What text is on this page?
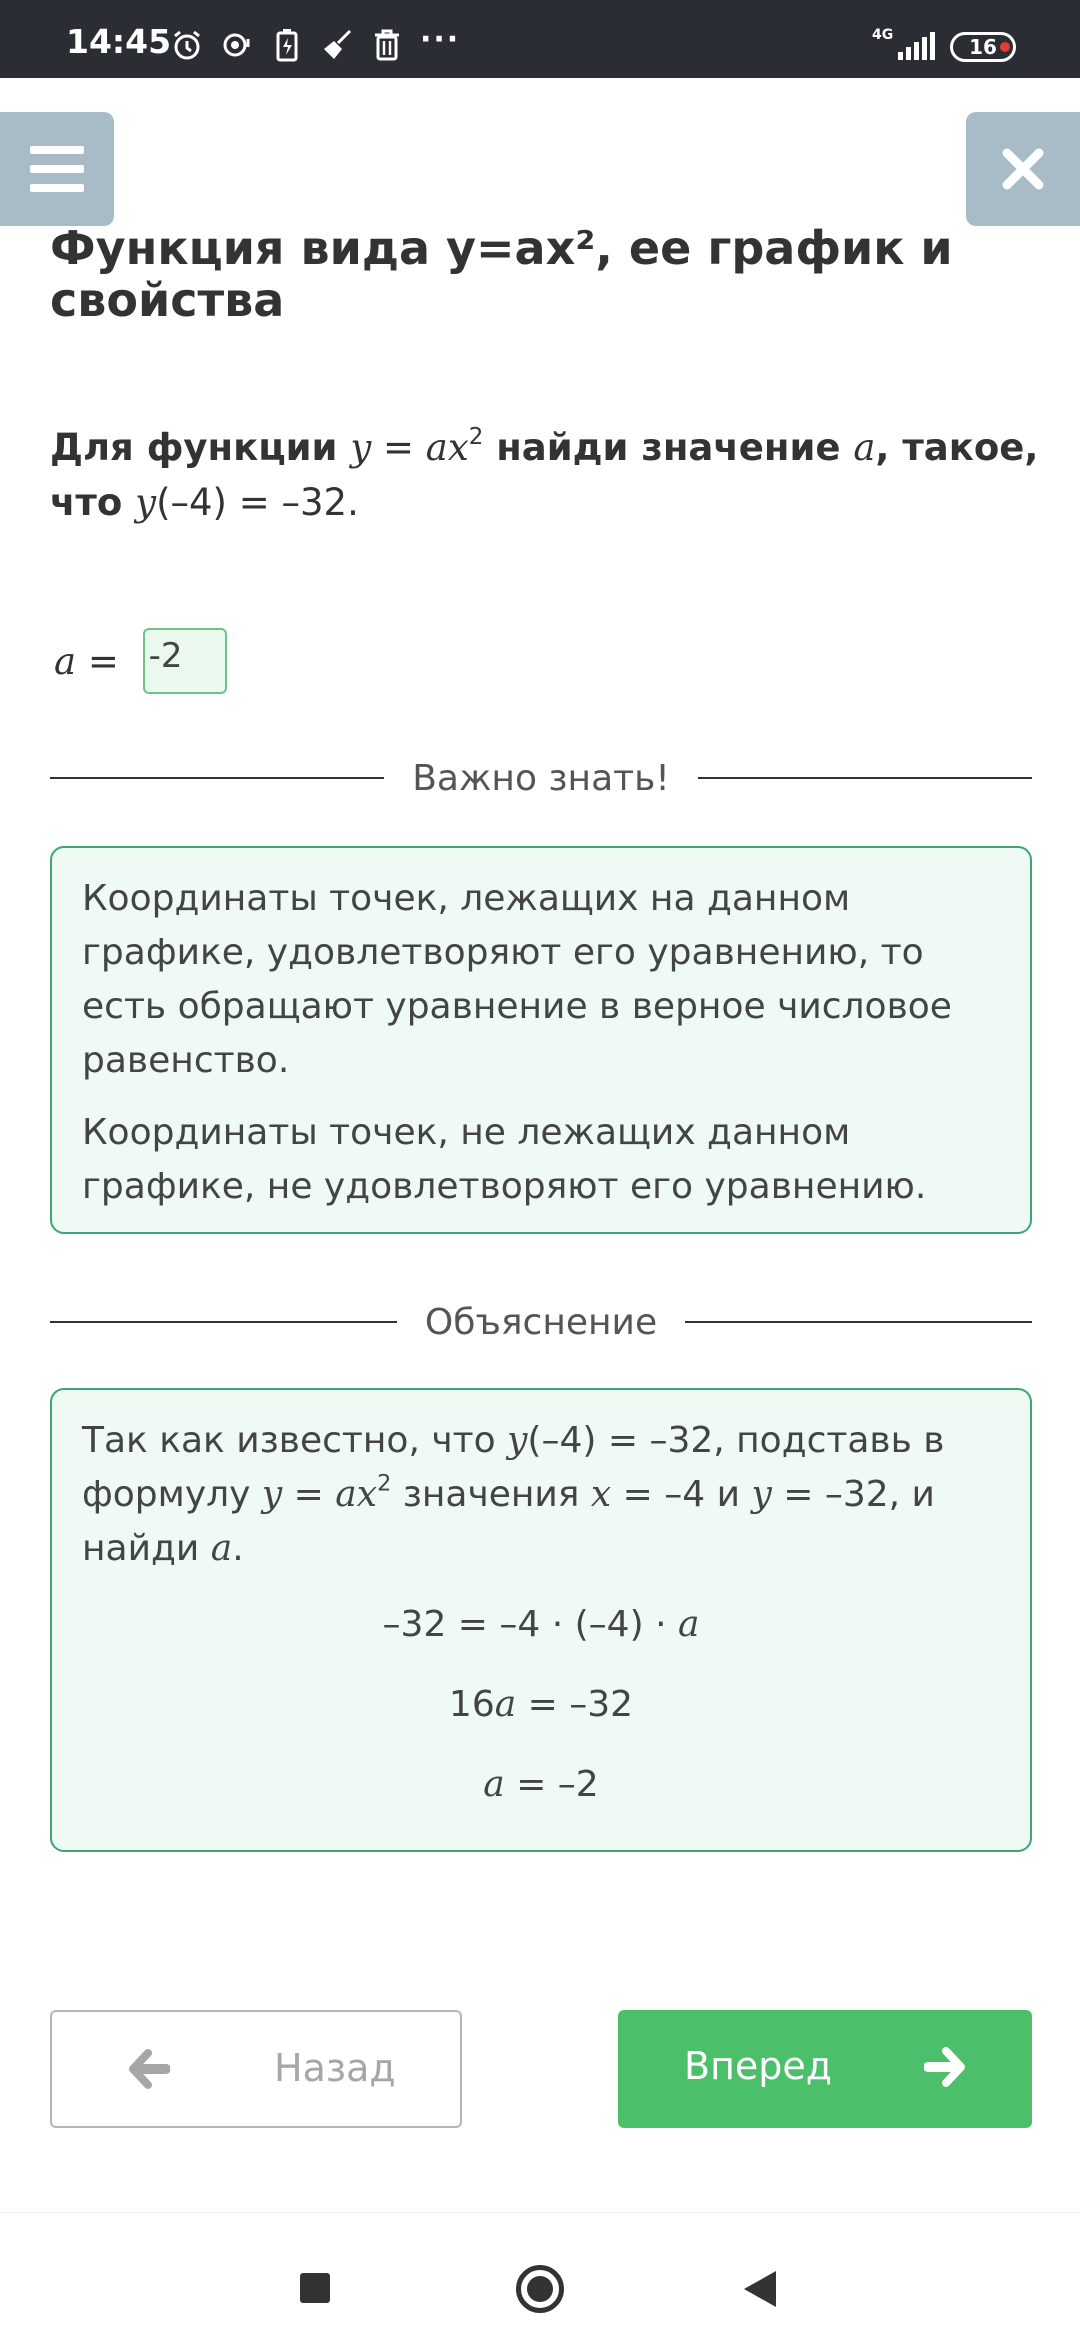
14:45	···	4G	16
Функция вида y=ax², ее график и свойства
Для функции $y = ax^2$ найди значение a, такое, что y(–4) = –32.
a = -2
Важно знать!

Координаты точек, лежащих на данном графике, удовлетворяют его уравнению, то есть обращают уравнение в верное числовое равенство.

Координаты точек, не лежащих данном графике, не удовлетворяют его уравнению.

Объяснение

Так как известно, что y(–4) = –32, подставь в формулу $y = ax^2$ значения x = –4 и y = –32, и найди a.

–32 = –4 · (–4) · a
16a = –32
a = –2
Назад	Вперед
